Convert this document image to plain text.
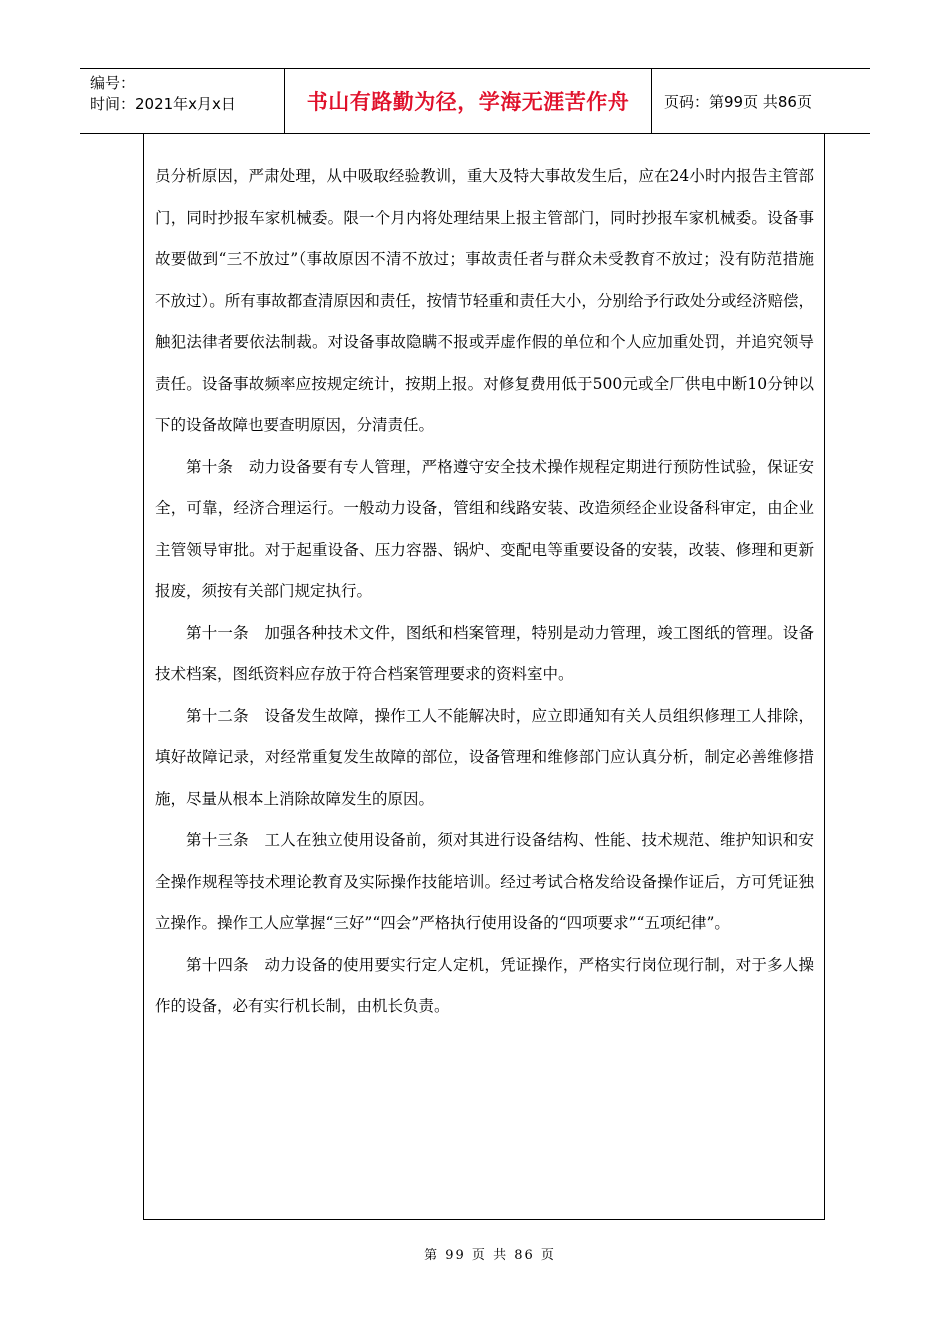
编号：
时间：2021年x月x日	书山有路勤为径，学海无涯苦作舟	页码：第99页 共86页

员分析原因，严肃处理，从中吸取经验教训，重大及特大事故发生后，应在24小时内报告主管部门，同时抄报车家机械委。限一个月内将处理结果上报主管部门，同时抄报车家机械委。设备事故要做到“三不放过”（事故原因不清不放过；事故责任者与群众未受教育不放过；没有防范措施不放过）。所有事故都查清原因和责任，按情节轻重和责任大小，分别给予行政处分或经济赔偿，触犯法律者要依法制裁。对设备事故隐瞒不报或弄虚作假的单位和个人应加重处罚，并追究领导责任。设备事故频率应按规定统计，按期上报。对修复费用低于500元或全厂供电中断10分钟以下的设备故障也要查明原因，分清责任。

第十条　动力设备要有专人管理，严格遵守安全技术操作规程定期进行预防性试验，保证安全，可靠，经济合理运行。一般动力设备，管组和线路安装、改造须经企业设备科审定，由企业主管领导审批。对于起重设备、压力容器、锅炉、变配电等重要设备的安装，改装、修理和更新报废，须按有关部门规定执行。

第十一条　加强各种技术文件，图纸和档案管理，特别是动力管理，竣工图纸的管理。设备技术档案，图纸资料应存放于符合档案管理要求的资料室中。

第十二条　设备发生故障，操作工人不能解决时，应立即通知有关人员组织修理工人排除，填好故障记录，对经常重复发生故障的部位，设备管理和维修部门应认真分析，制定必善维修措施，尽量从根本上消除故障发生的原因。

第十三条　工人在独立使用设备前，须对其进行设备结构、性能、技术规范、维护知识和安全操作规程等技术理论教育及实际操作技能培训。经过考试合格发给设备操作证后，方可凭证独立操作。操作工人应掌握“三好”“四会”严格执行使用设备的“四项要求”“五项纪律”。

第十四条　动力设备的使用要实行定人定机，凭证操作，严格实行岗位现行制，对于多人操作的设备，必有实行机长制，由机长负责。

第 99 页 共 86 页
